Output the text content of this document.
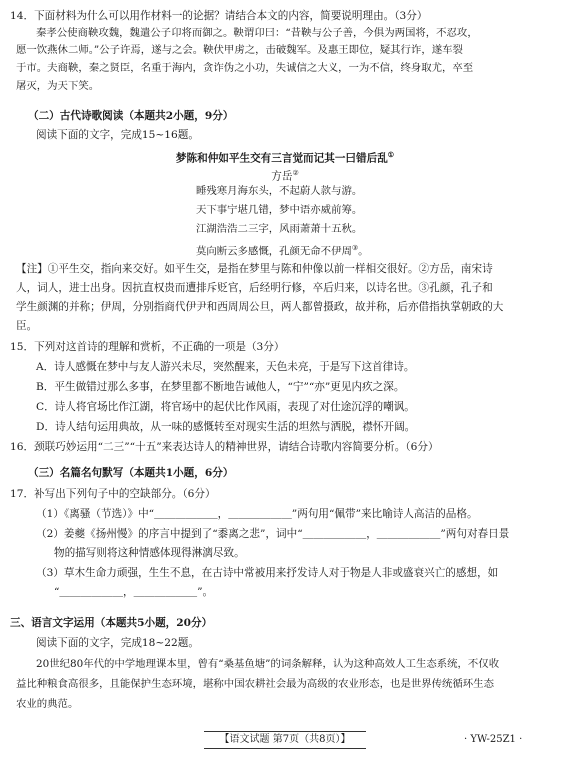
14．下面材料为什么可以用作材料一的论据？请结合本文的内容，简要说明理由。（3分）
秦孝公使商鞅攻魏，魏遣公子卬将而御之。鞅谓卬曰：“昔鞅与公子善，今俱为两国将，不忍攻，
愿一饮燕休二师。”公子许焉，遂与之会。鞅伏甲虏之，击破魏军。及惠王即位，疑其行诈，遂车裂
于市。夫商鞅，秦之贤臣，名重于海内，贪诈伪之小功，失诚信之大义，一为不信，终身取尤，卒至
屠灭，为天下笑。
（二）古代诗歌阅读（本题共2小题，9分）
阅读下面的文字，完成15~16题。
梦陈和仲如平生交有三言觉而记其一曰错后乱①
方岳②
睡残寒月海东头，不起蔚人款与游。
天下事宁堪几错，梦中语亦威前筹。
江湖浩浩二三字，风雨萧萧十五秋。
莫向断云多感慨，孔颜无命不伊周③。
【注】①平生交，指向来交好。如平生交，是指在梦里与陈和仲像以前一样相交很好。②方岳，南宋诗
人，词人，进士出身。因抗直权贵而遭排斥贬官，后经明行修，卒后归来，以诗名世。③孔颜，孔子和
学生颜渊的并称；伊周，分别指商代伊尹和西周周公旦，两人都曾摄政，故并称，后亦借指执掌朝政的大
臣。
15．下列对这首诗的理解和赏析，不正确的一项是（3分）
A．诗人感慨在梦中与友人游兴未尽，突然醒来，天色未亮，于是写下这首律诗。
B．平生做错过那么多事，在梦里都不断地告诫他人，“宁”“亦”更见内疚之深。
C．诗人将官场比作江湖，将官场中的起伏比作风雨，表现了对仕途沉浮的嘲讽。
D．诗人结句运用典故，从一味的感慨转至对现实生活的坦然与洒脱，襟怀开阔。
16．颈联巧妙运用“二三”“十五”来表达诗人的精神世界，请结合诗歌内容简要分析。（6分）
（三）名篇名句默写（本题共1小题，6分）
17．补写出下列句子中的空缺部分。（6分）
（1）《离骚（节选）》中“＿＿＿＿＿＿，＿＿＿＿＿＿”两句用“佩带”来比喻诗人高洁的品格。
（2）姜夔《扬州慢》的序言中提到了“黍离之悲”，词中“＿＿＿＿＿＿，＿＿＿＿＿＿”两句对春日景
物的描写则将这种情感体现得淋漓尽致。
（3）草木生命力顽强，生生不息，在古诗中常被用来抒发诗人对于物是人非或盛衰兴亡的感想，如
“＿＿＿＿＿＿，＿＿＿＿＿＿”。
三、语言文字运用（本题共5小题，20分）
阅读下面的文字，完成18~22题。
20世纪80年代的中学地理课本里，曾有“桑基鱼塘”的词条解释，认为这种高效人工生态系统，不仅收
益比种粮食高很多，且能保护生态环境，堪称中国农耕社会最为高级的农业形态，也是世界传统循环生态
农业的典范。
【语文试题 第7页（共8页）】	· YW-25Z1 ·
